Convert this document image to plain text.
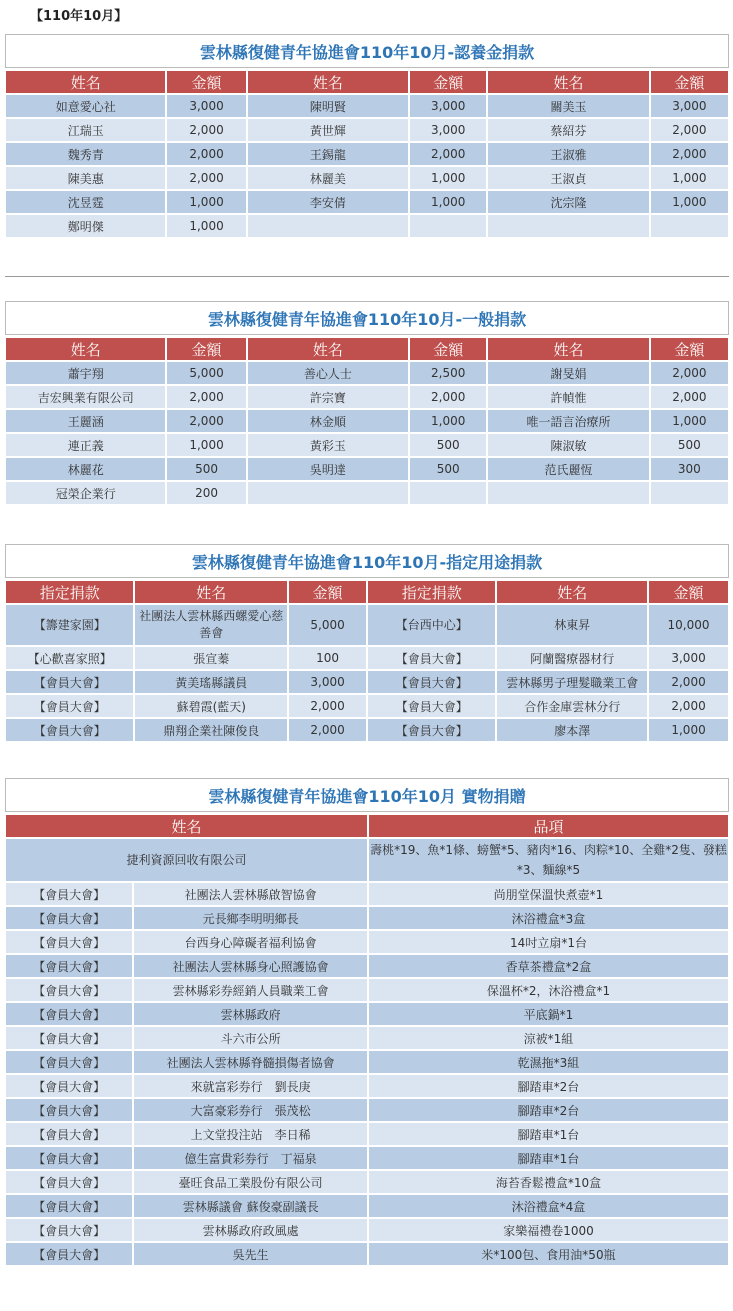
【110年10月】
雲林縣復健青年協進會110年10月-認養金捐款
姓名	金額	姓名	金額	姓名	金額
如意愛心社	3,000	陳明賢	3,000	關美玉	3,000
江瑞玉	2,000	黃世輝	3,000	蔡紹芬	2,000
魏秀青	2,000	王錫龍	2,000	王淑雅	2,000
陳美惠	2,000	林麗美	1,000	王淑貞	1,000
沈昱霆	1,000	李安倩	1,000	沈宗隆	1,000
鄭明傑	1,000				
雲林縣復健青年協進會110年10月-一般捐款
姓名	金額	姓名	金額	姓名	金額
蕭宇翔	5,000	善心人士	2,500	謝旻娟	2,000
吉宏興業有限公司	2,000	許宗寶	2,000	許幀惟	2,000
王麗涵	2,000	林金順	1,000	唯一語言治療所	1,000
連正義	1,000	黃彩玉	500	陳淑敏	500
林麗花	500	吳明達	500	范氏麗恆	300
冠榮企業行	200				
雲林縣復健青年協進會110年10月-指定用途捐款
指定捐款	姓名	金額	指定捐款	姓名	金額
【籌建家園】	社團法人雲林縣西螺愛心慈善會	5,000	【台西中心】	林東昇	10,000
【心歡喜家照】	張宣蓁	100	【會員大會】	阿蘭醫療器材行	3,000
【會員大會】	黃美瑤縣議員	3,000	【會員大會】	雲林縣男子理髮職業工會	2,000
【會員大會】	蘇碧霞(藍天)	2,000	【會員大會】	合作金庫雲林分行	2,000
【會員大會】	鼎翔企業社陳俊良	2,000	【會員大會】	廖本澤	1,000
雲林縣復健青年協進會110年10月 實物捐贈
姓名		品項
捷利資源回收有限公司		壽桃*19、魚*1條、螃蟹*5、豬肉*16、肉粽*10、全雞*2隻、發糕*3、麵線*5
【會員大會】	社團法人雲林縣啟智協會	尚朋堂保溫快煮壺*1
【會員大會】	元長鄉李明明鄉長	沐浴禮盒*3盒
【會員大會】	台西身心障礙者福利協會	14吋立扇*1台
【會員大會】	社團法人雲林縣身心照護協會	香草茶禮盒*2盒
【會員大會】	雲林縣彩券經銷人員職業工會	保溫杯*2，沐浴禮盒*1
【會員大會】	雲林縣政府	平底鍋*1
【會員大會】	斗六市公所	涼被*1組
【會員大會】	社團法人雲林縣脊髓損傷者協會	乾濕拖*3組
【會員大會】	來就富彩券行　劉長庚	腳踏車*2台
【會員大會】	大富豪彩券行　張茂松	腳踏車*2台
【會員大會】	上文堂投注站　李日稀	腳踏車*1台
【會員大會】	億生富貴彩券行　丁福泉	腳踏車*1台
【會員大會】	臺旺食品工業股份有限公司	海苔香鬆禮盒*10盒
【會員大會】	雲林縣議會 蘇俊豪副議長	沐浴禮盒*4盒
【會員大會】	雲林縣政府政風處	家樂福禮卷1000
【會員大會】	吳先生	米*100包、食用油*50瓶
